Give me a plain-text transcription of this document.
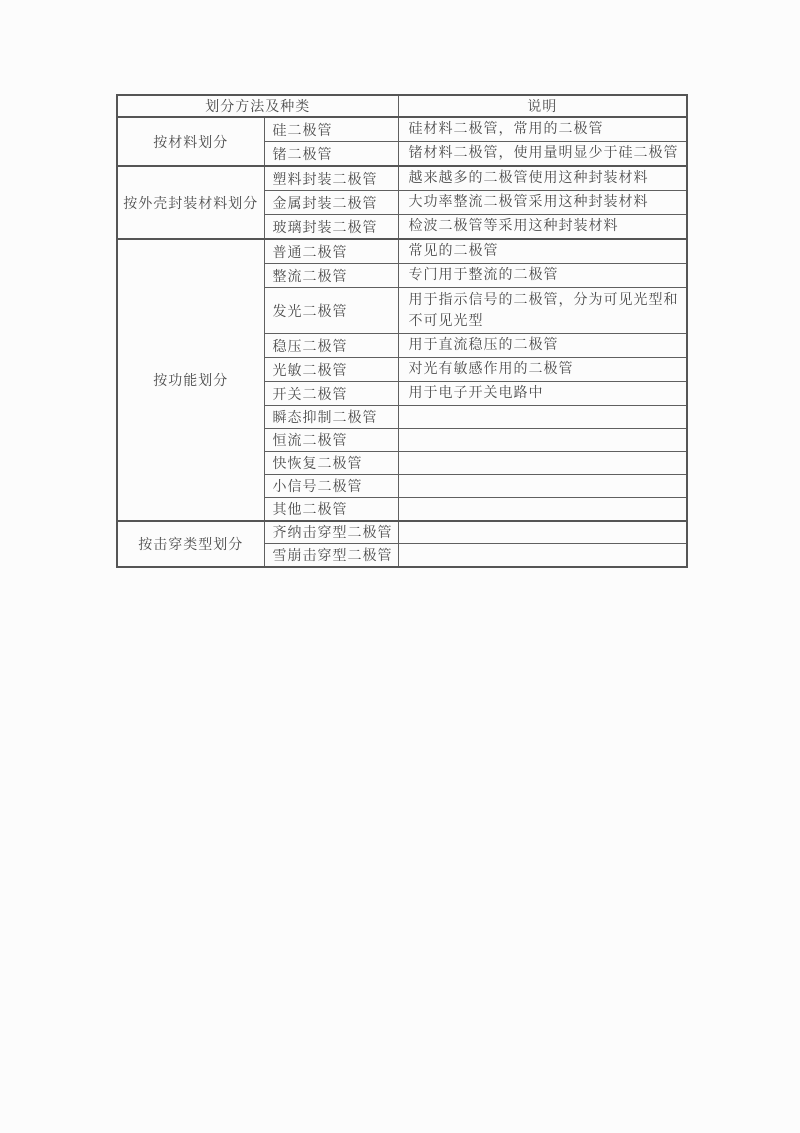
划分方法及种类		说明
按材料划分	硅二极管	硅材料二极管，常用的二极管
	锗二极管	锗材料二极管，使用量明显少于硅二极管
按外壳封装材料划分	塑料封装二极管	越来越多的二极管使用这种封装材料
	金属封装二极管	大功率整流二极管采用这种封装材料
	玻璃封装二极管	检波二极管等采用这种封装材料
按功能划分	普通二极管	常见的二极管
	整流二极管	专门用于整流的二极管
	发光二极管	用于指示信号的二极管，分为可见光型和不可见光型
	稳压二极管	用于直流稳压的二极管
	光敏二极管	对光有敏感作用的二极管
	开关二极管	用于电子开关电路中
	瞬态抑制二极管	
	恒流二极管	
	快恢复二极管	
	小信号二极管	
	其他二极管	
按击穿类型划分	齐纳击穿型二极管	
	雪崩击穿型二极管	
